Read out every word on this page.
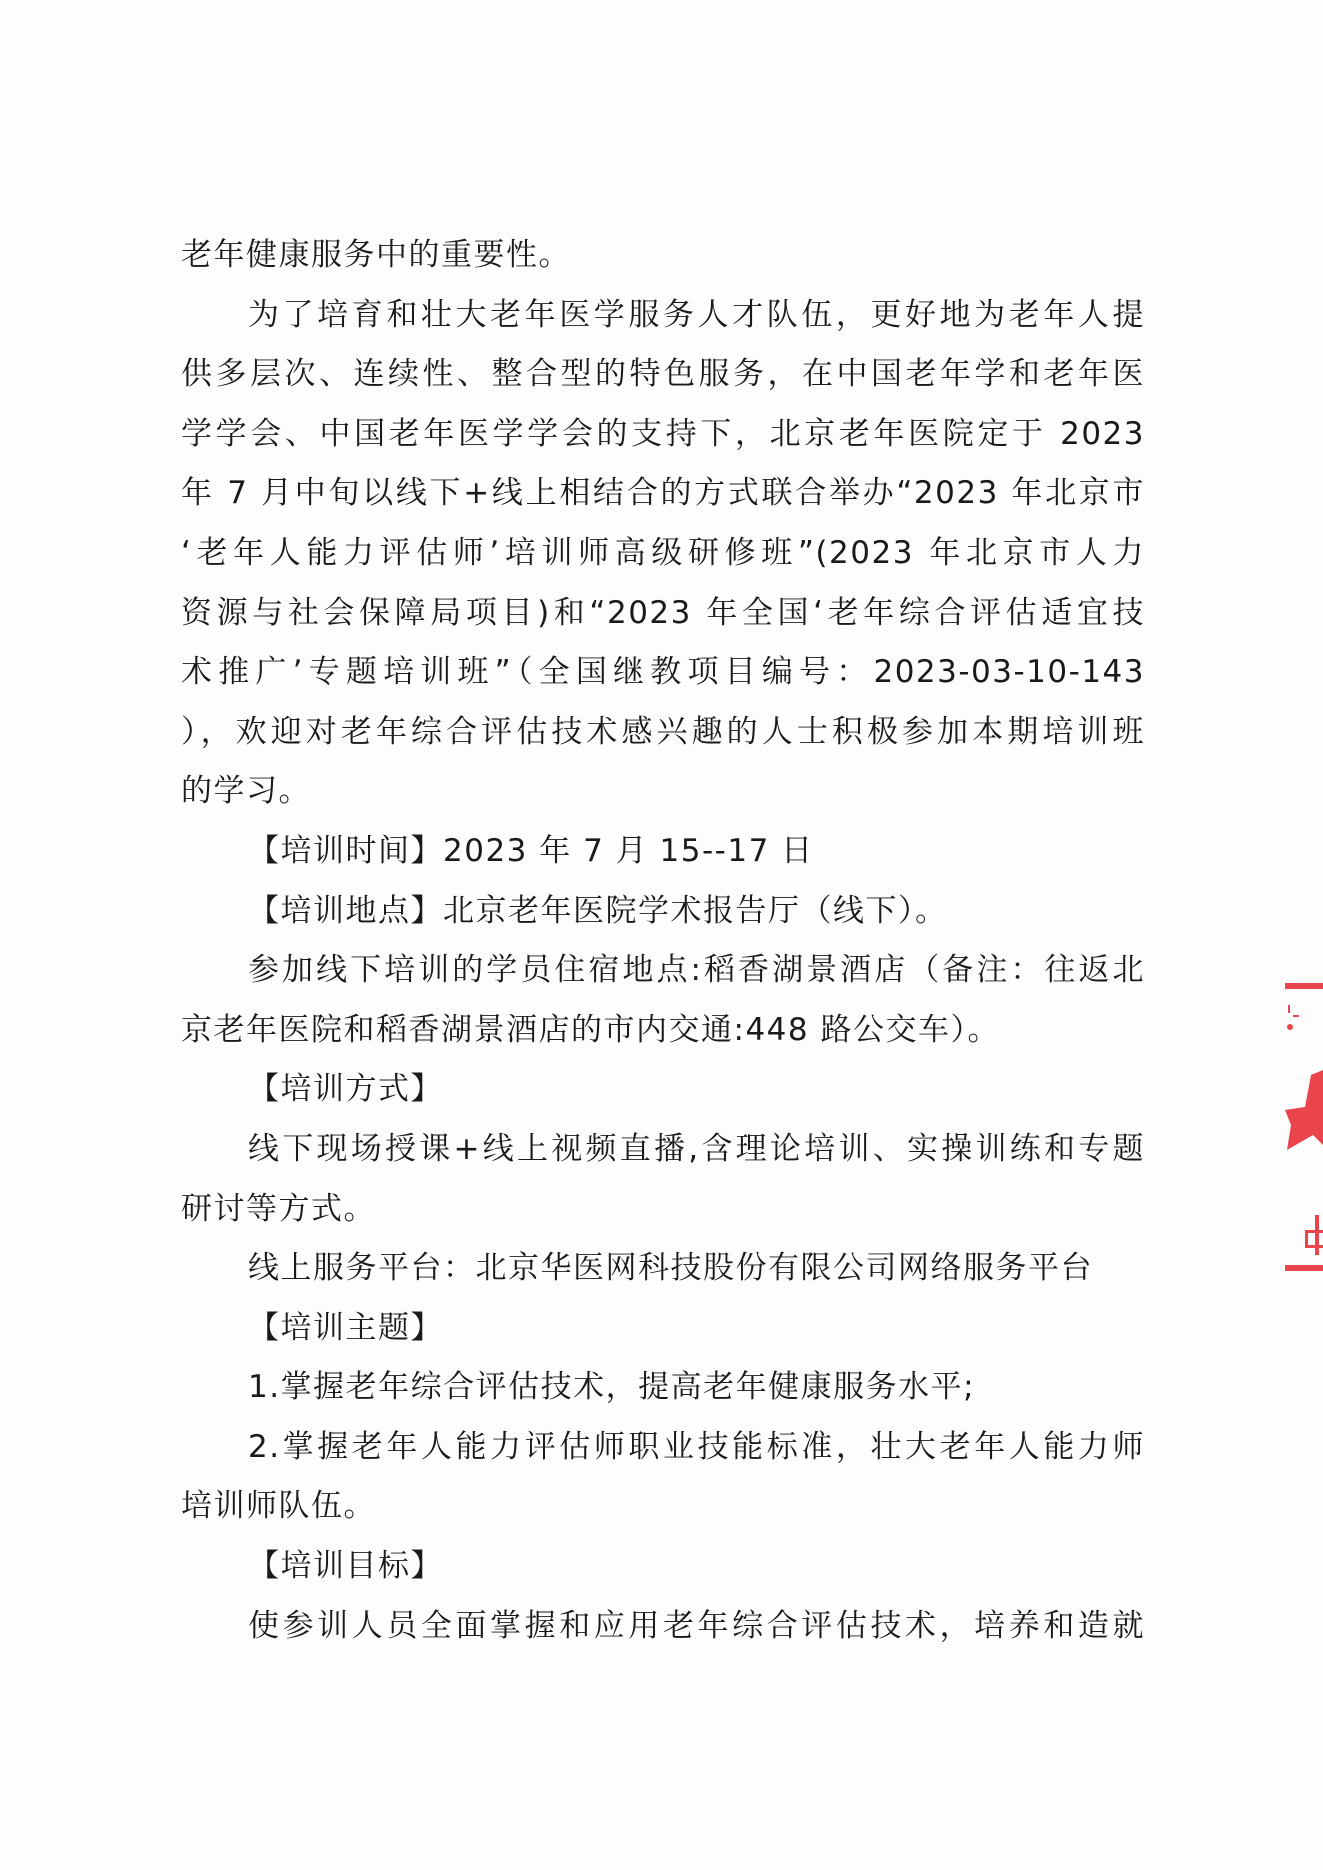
老年健康服务中的重要性。
为了培育和壮大老年医学服务人才队伍，更好地为老年人提
供多层次、连续性、整合型的特色服务，在中国老年学和老年医
学学会、中国老年医学学会的支持下，北京老年医院定于 2023
年 7 月中旬以线下+线上相结合的方式联合举办“2023 年北京市
‘老年人能力评估师’培训师高级研修班”(2023 年北京市人力
资源与社会保障局项目)和“2023 年全国‘老年综合评估适宜技
术推广’专题培训班”（全国继教项目编号：2023-03-10-143
），欢迎对老年综合评估技术感兴趣的人士积极参加本期培训班
的学习。
【培训时间】2023 年 7 月 15--17 日
【培训地点】北京老年医院学术报告厅（线下）。
参加线下培训的学员住宿地点:稻香湖景酒店（备注：往返北
京老年医院和稻香湖景酒店的市内交通:448 路公交车）。
【培训方式】
线下现场授课+线上视频直播,含理论培训、实操训练和专题
研讨等方式。
线上服务平台：北京华医网科技股份有限公司网络服务平台
【培训主题】
1.掌握老年综合评估技术，提高老年健康服务水平;
2.掌握老年人能力评估师职业技能标准，壮大老年人能力师
培训师队伍。
【培训目标】
使参训人员全面掌握和应用老年综合评估技术，培养和造就
